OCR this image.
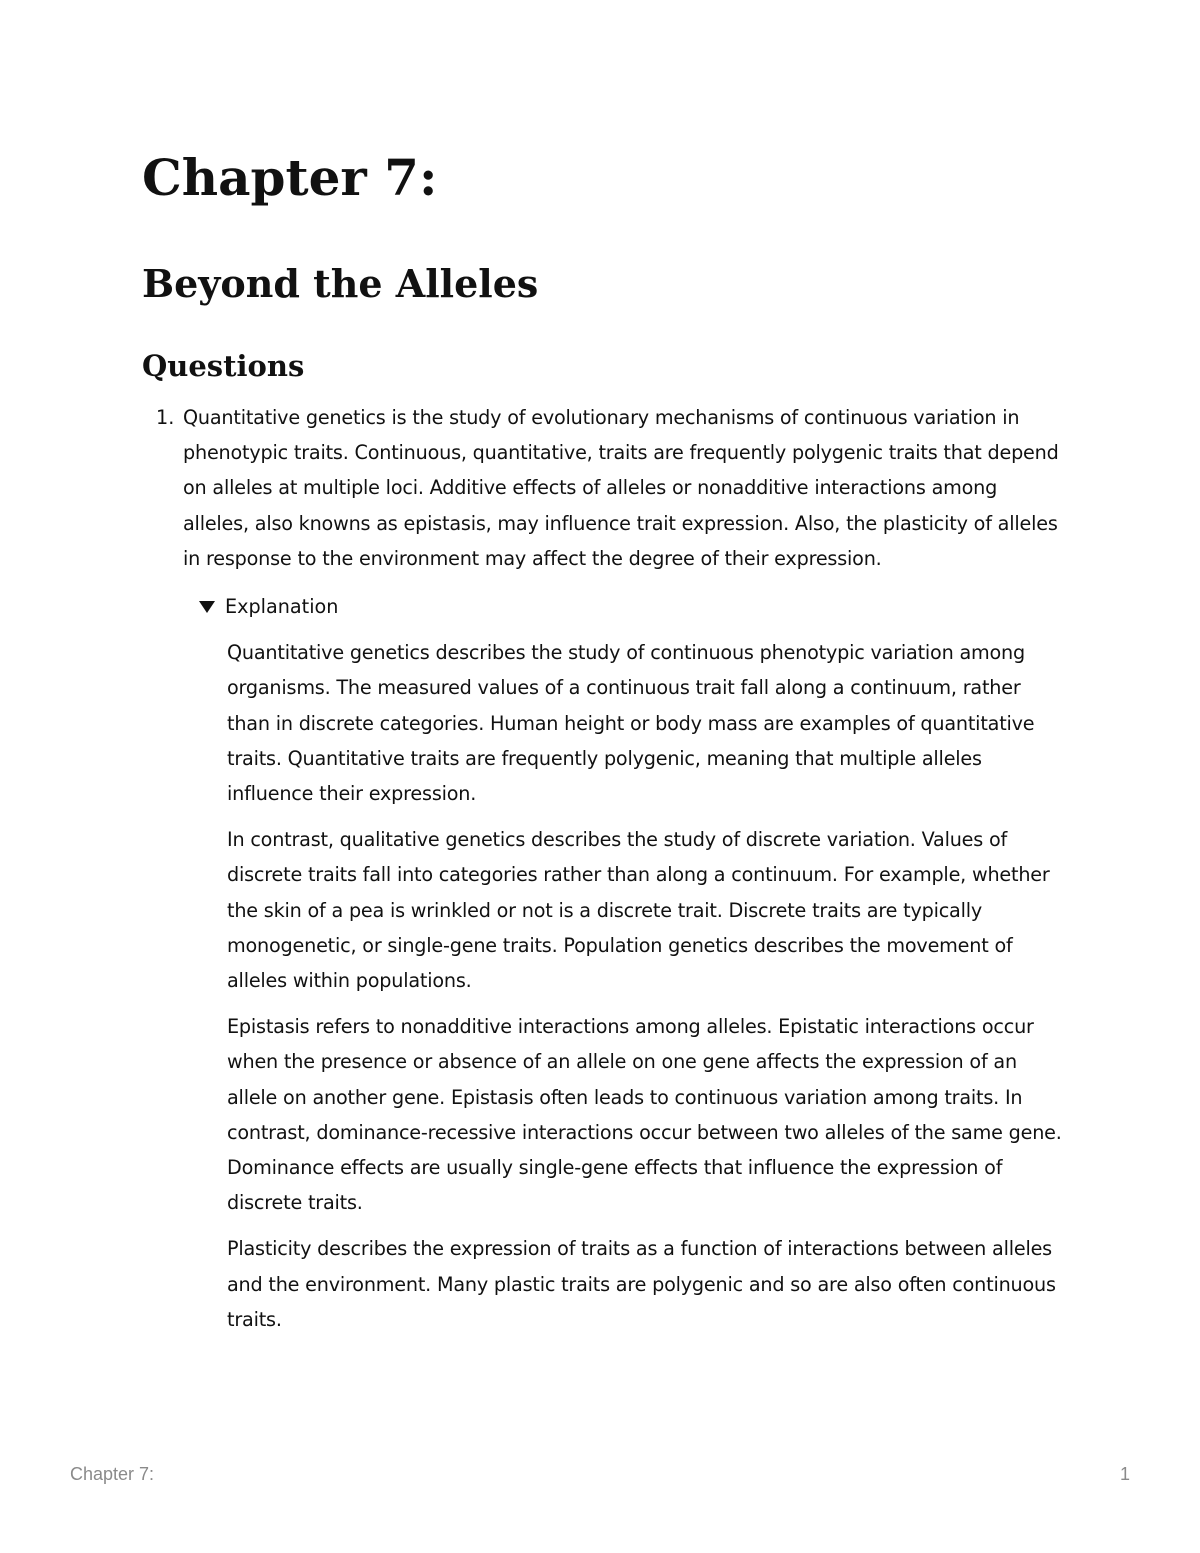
Chapter 7:
Beyond the Alleles
Questions
1. Quantitative genetics is the study of evolutionary mechanisms of continuous variation in phenotypic traits. Continuous, quantitative, traits are frequently polygenic traits that depend on alleles at multiple loci. Additive effects of alleles or nonadditive interactions among alleles, also knowns as epistasis, may influence trait expression. Also, the plasticity of alleles in response to the environment may affect the degree of their expression.

Explanation

Quantitative genetics describes the study of continuous phenotypic variation among organisms. The measured values of a continuous trait fall along a continuum, rather than in discrete categories. Human height or body mass are examples of quantitative traits. Quantitative traits are frequently polygenic, meaning that multiple alleles influence their expression.

In contrast, qualitative genetics describes the study of discrete variation. Values of discrete traits fall into categories rather than along a continuum. For example, whether the skin of a pea is wrinkled or not is a discrete trait. Discrete traits are typically monogenetic, or single-gene traits. Population genetics describes the movement of alleles within populations.

Epistasis refers to nonadditive interactions among alleles. Epistatic interactions occur when the presence or absence of an allele on one gene affects the expression of an allele on another gene. Epistasis often leads to continuous variation among traits. In contrast, dominance-recessive interactions occur between two alleles of the same gene. Dominance effects are usually single-gene effects that influence the expression of discrete traits.

Plasticity describes the expression of traits as a function of interactions between alleles and the environment. Many plastic traits are polygenic and so are also often continuous traits.

Chapter 7:	1
